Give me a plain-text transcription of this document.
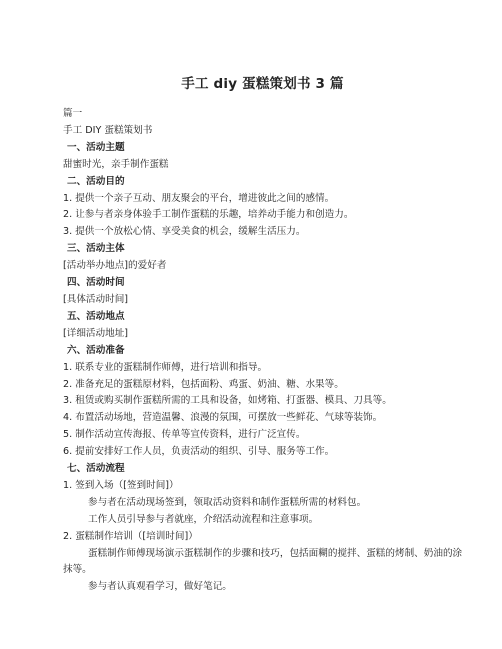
手工 diy 蛋糕策划书 3 篇
篇一
手工 DIY 蛋糕策划书
一、活动主题
甜蜜时光，亲手制作蛋糕
二、活动目的
1. 提供一个亲子互动、朋友聚会的平台，增进彼此之间的感情。
2. 让参与者亲身体验手工制作蛋糕的乐趣，培养动手能力和创造力。
3. 提供一个放松心情、享受美食的机会，缓解生活压力。
三、活动主体
[活动举办地点]的爱好者
四、活动时间
[具体活动时间]
五、活动地点
[详细活动地址]
六、活动准备
1. 联系专业的蛋糕制作师傅，进行培训和指导。
2. 准备充足的蛋糕原材料，包括面粉、鸡蛋、奶油、糖、水果等。
3. 租赁或购买制作蛋糕所需的工具和设备，如烤箱、打蛋器、模具、刀具等。
4. 布置活动场地，营造温馨、浪漫的氛围，可摆放一些鲜花、气球等装饰。
5. 制作活动宣传海报、传单等宣传资料，进行广泛宣传。
6. 提前安排好工作人员，负责活动的组织、引导、服务等工作。
七、活动流程
1. 签到入场（[签到时间]）
参与者在活动现场签到，领取活动资料和制作蛋糕所需的材料包。
工作人员引导参与者就座，介绍活动流程和注意事项。
2. 蛋糕制作培训（[培训时间]）
蛋糕制作师傅现场演示蛋糕制作的步骤和技巧，包括面糊的搅拌、蛋糕的烤制、奶油的涂抹等。
参与者认真观看学习，做好笔记。
